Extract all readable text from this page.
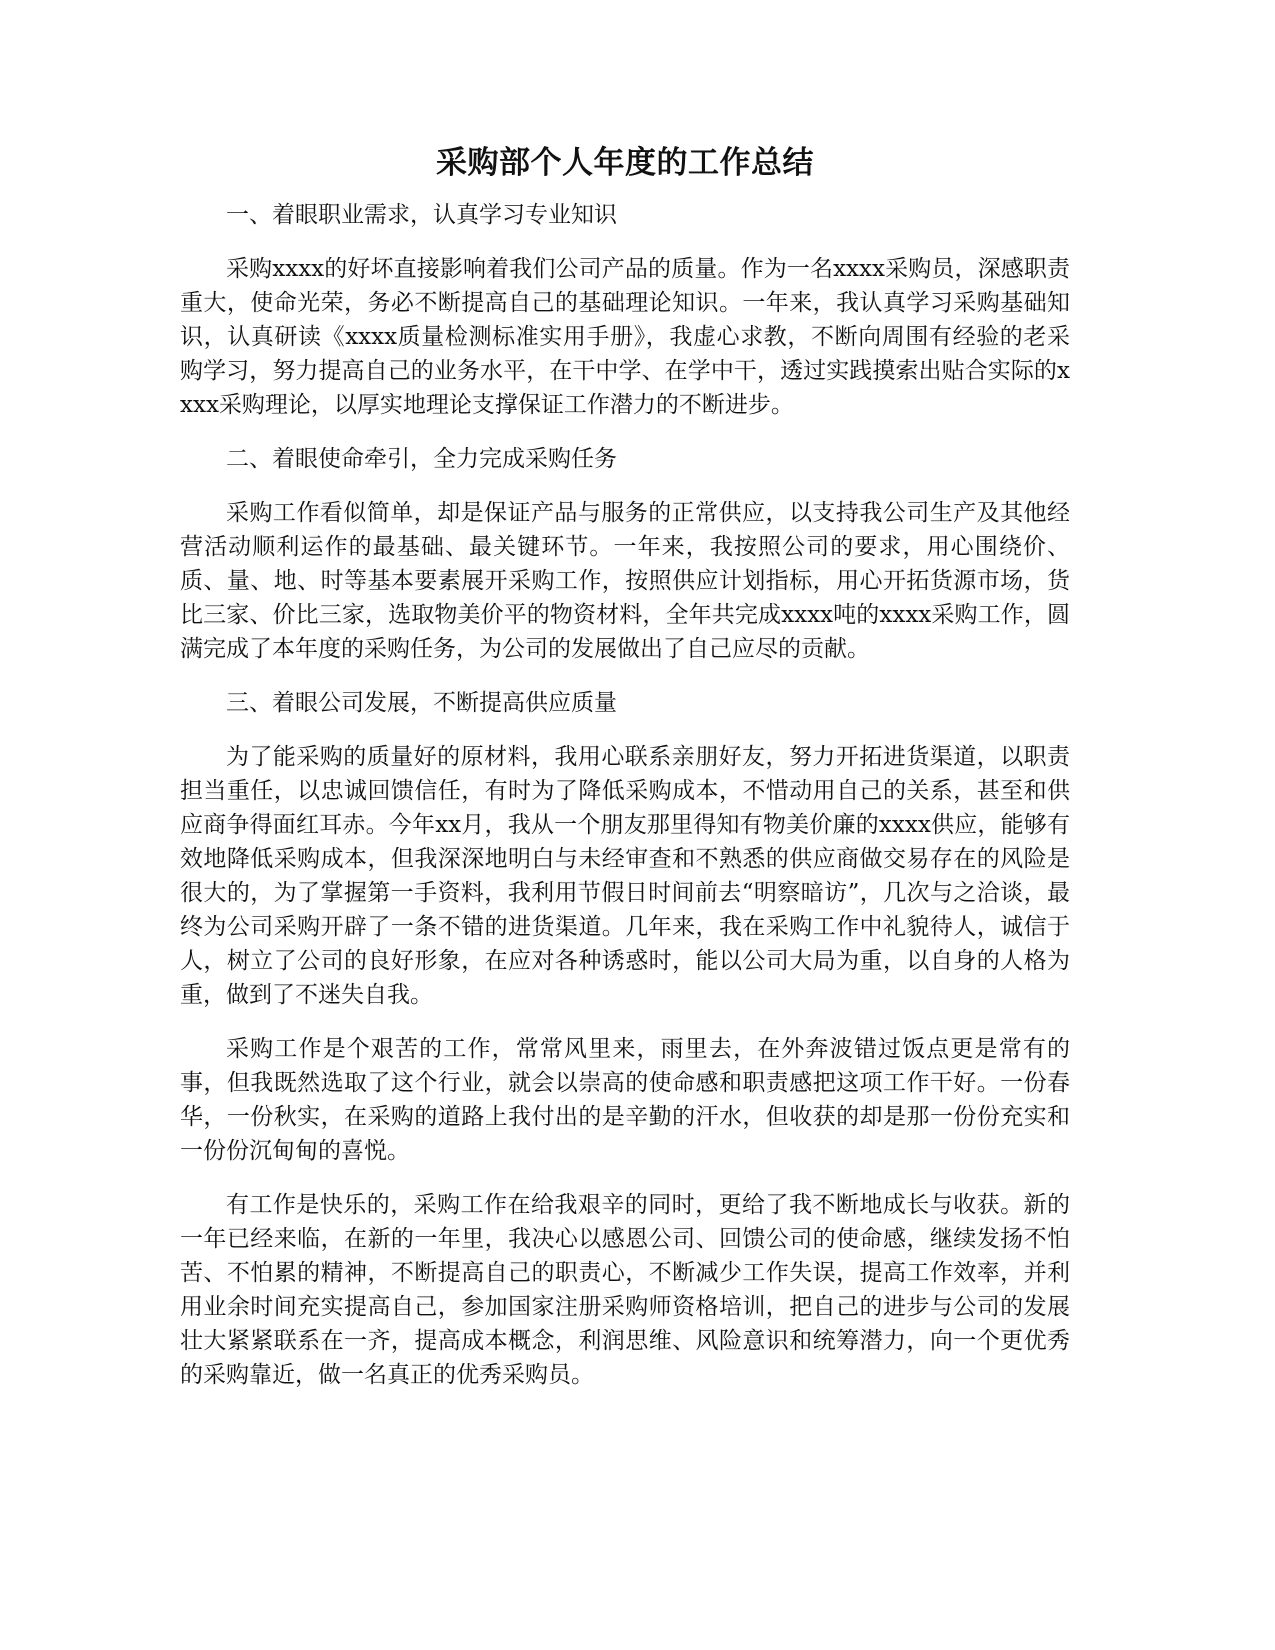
采购部个人年度的工作总结
一、着眼职业需求，认真学习专业知识

采购xxxx的好坏直接影响着我们公司产品的质量。作为一名xxxx采购员，深感职责重大，使命光荣，务必不断提高自己的基础理论知识。一年来，我认真学习采购基础知识，认真研读《xxxx质量检测标准实用手册》，我虚心求教，不断向周围有经验的老采购学习，努力提高自己的业务水平，在干中学、在学中干，透过实践摸索出贴合实际的xxxx采购理论，以厚实地理论支撑保证工作潜力的不断进步。

二、着眼使命牵引，全力完成采购任务

采购工作看似简单，却是保证产品与服务的正常供应，以支持我公司生产及其他经营活动顺利运作的最基础、最关键环节。一年来，我按照公司的要求，用心围绕价、质、量、地、时等基本要素展开采购工作，按照供应计划指标，用心开拓货源市场，货比三家、价比三家，选取物美价平的物资材料，全年共完成xxxx吨的xxxx采购工作，圆满完成了本年度的采购任务，为公司的发展做出了自己应尽的贡献。

三、着眼公司发展，不断提高供应质量

为了能采购的质量好的原材料，我用心联系亲朋好友，努力开拓进货渠道，以职责担当重任，以忠诚回馈信任，有时为了降低采购成本，不惜动用自己的关系，甚至和供应商争得面红耳赤。今年xx月，我从一个朋友那里得知有物美价廉的xxxx供应，能够有效地降低采购成本，但我深深地明白与未经审查和不熟悉的供应商做交易存在的风险是很大的，为了掌握第一手资料，我利用节假日时间前去“明察暗访”，几次与之洽谈，最终为公司采购开辟了一条不错的进货渠道。几年来，我在采购工作中礼貌待人，诚信于人，树立了公司的良好形象，在应对各种诱惑时，能以公司大局为重，以自身的人格为重，做到了不迷失自我。

采购工作是个艰苦的工作，常常风里来，雨里去，在外奔波错过饭点更是常有的事，但我既然选取了这个行业，就会以崇高的使命感和职责感把这项工作干好。一份春华，一份秋实，在采购的道路上我付出的是辛勤的汗水，但收获的却是那一份份充实和一份份沉甸甸的喜悦。

有工作是快乐的，采购工作在给我艰辛的同时，更给了我不断地成长与收获。新的一年已经来临，在新的一年里，我决心以感恩公司、回馈公司的使命感，继续发扬不怕苦、不怕累的精神，不断提高自己的职责心，不断减少工作失误，提高工作效率，并利用业余时间充实提高自己，参加国家注册采购师资格培训，把自己的进步与公司的发展壮大紧紧联系在一齐，提高成本概念，利润思维、风险意识和统筹潜力，向一个更优秀的采购靠近，做一名真正的优秀采购员。
